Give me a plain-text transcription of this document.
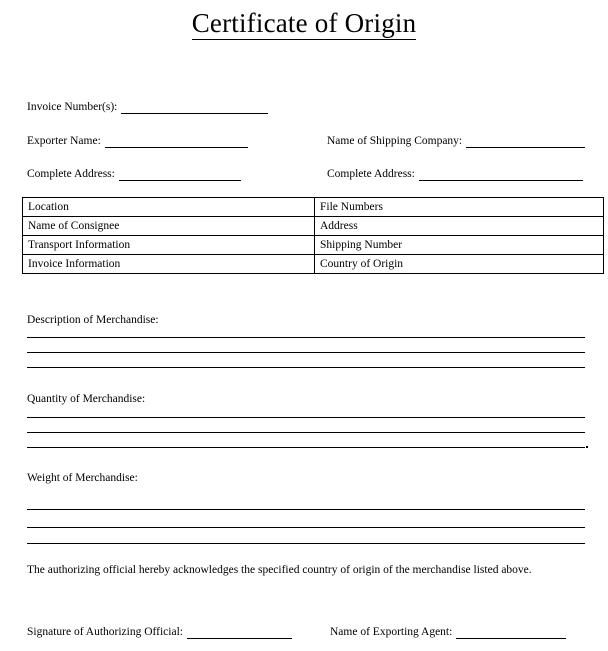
Certificate of Origin
Invoice Number(s):
Exporter Name:	Name of Shipping Company:
Complete Address:	Complete Address:
Location	File Numbers
Name of Consignee	Address
Transport Information	Shipping Number
Invoice Information	Country of Origin
Description of Merchandise:
Quantity of Merchandise:
Weight of Merchandise:
The authorizing official hereby acknowledges the specified country of origin of the merchandise listed above.
Signature of Authorizing Official:	Name of Exporting Agent:
